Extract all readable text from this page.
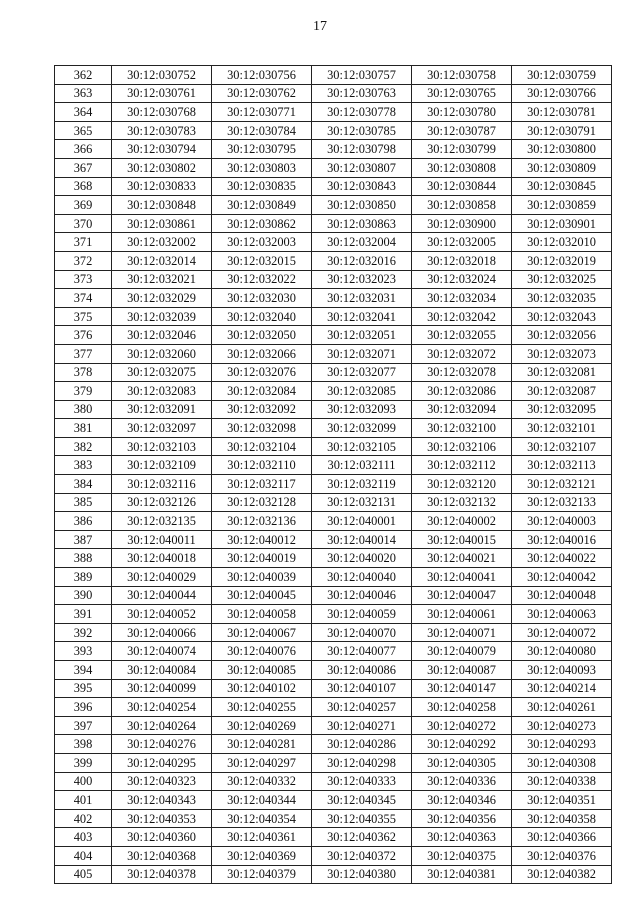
17
362	30:12:030752	30:12:030756	30:12:030757	30:12:030758	30:12:030759
363	30:12:030761	30:12:030762	30:12:030763	30:12:030765	30:12:030766
364	30:12:030768	30:12:030771	30:12:030778	30:12:030780	30:12:030781
365	30:12:030783	30:12:030784	30:12:030785	30:12:030787	30:12:030791
366	30:12:030794	30:12:030795	30:12:030798	30:12:030799	30:12:030800
367	30:12:030802	30:12:030803	30:12:030807	30:12:030808	30:12:030809
368	30:12:030833	30:12:030835	30:12:030843	30:12:030844	30:12:030845
369	30:12:030848	30:12:030849	30:12:030850	30:12:030858	30:12:030859
370	30:12:030861	30:12:030862	30:12:030863	30:12:030900	30:12:030901
371	30:12:032002	30:12:032003	30:12:032004	30:12:032005	30:12:032010
372	30:12:032014	30:12:032015	30:12:032016	30:12:032018	30:12:032019
373	30:12:032021	30:12:032022	30:12:032023	30:12:032024	30:12:032025
374	30:12:032029	30:12:032030	30:12:032031	30:12:032034	30:12:032035
375	30:12:032039	30:12:032040	30:12:032041	30:12:032042	30:12:032043
376	30:12:032046	30:12:032050	30:12:032051	30:12:032055	30:12:032056
377	30:12:032060	30:12:032066	30:12:032071	30:12:032072	30:12:032073
378	30:12:032075	30:12:032076	30:12:032077	30:12:032078	30:12:032081
379	30:12:032083	30:12:032084	30:12:032085	30:12:032086	30:12:032087
380	30:12:032091	30:12:032092	30:12:032093	30:12:032094	30:12:032095
381	30:12:032097	30:12:032098	30:12:032099	30:12:032100	30:12:032101
382	30:12:032103	30:12:032104	30:12:032105	30:12:032106	30:12:032107
383	30:12:032109	30:12:032110	30:12:032111	30:12:032112	30:12:032113
384	30:12:032116	30:12:032117	30:12:032119	30:12:032120	30:12:032121
385	30:12:032126	30:12:032128	30:12:032131	30:12:032132	30:12:032133
386	30:12:032135	30:12:032136	30:12:040001	30:12:040002	30:12:040003
387	30:12:040011	30:12:040012	30:12:040014	30:12:040015	30:12:040016
388	30:12:040018	30:12:040019	30:12:040020	30:12:040021	30:12:040022
389	30:12:040029	30:12:040039	30:12:040040	30:12:040041	30:12:040042
390	30:12:040044	30:12:040045	30:12:040046	30:12:040047	30:12:040048
391	30:12:040052	30:12:040058	30:12:040059	30:12:040061	30:12:040063
392	30:12:040066	30:12:040067	30:12:040070	30:12:040071	30:12:040072
393	30:12:040074	30:12:040076	30:12:040077	30:12:040079	30:12:040080
394	30:12:040084	30:12:040085	30:12:040086	30:12:040087	30:12:040093
395	30:12:040099	30:12:040102	30:12:040107	30:12:040147	30:12:040214
396	30:12:040254	30:12:040255	30:12:040257	30:12:040258	30:12:040261
397	30:12:040264	30:12:040269	30:12:040271	30:12:040272	30:12:040273
398	30:12:040276	30:12:040281	30:12:040286	30:12:040292	30:12:040293
399	30:12:040295	30:12:040297	30:12:040298	30:12:040305	30:12:040308
400	30:12:040323	30:12:040332	30:12:040333	30:12:040336	30:12:040338
401	30:12:040343	30:12:040344	30:12:040345	30:12:040346	30:12:040351
402	30:12:040353	30:12:040354	30:12:040355	30:12:040356	30:12:040358
403	30:12:040360	30:12:040361	30:12:040362	30:12:040363	30:12:040366
404	30:12:040368	30:12:040369	30:12:040372	30:12:040375	30:12:040376
405	30:12:040378	30:12:040379	30:12:040380	30:12:040381	30:12:040382
